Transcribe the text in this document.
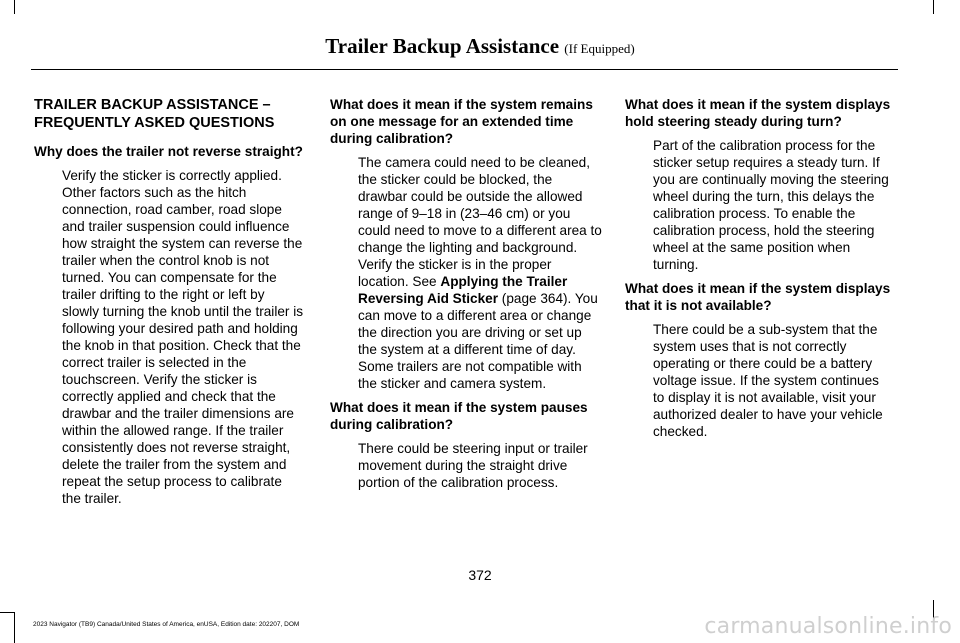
Trailer Backup Assistance (If Equipped)
TRAILER BACKUP ASSISTANCE – FREQUENTLY ASKED QUESTIONS
Why does the trailer not reverse straight?
Verify the sticker is correctly applied. Other factors such as the hitch connection, road camber, road slope and trailer suspension could influence how straight the system can reverse the trailer when the control knob is not turned. You can compensate for the trailer drifting to the right or left by slowly turning the knob until the trailer is following your desired path and holding the knob in that position. Check that the correct trailer is selected in the touchscreen. Verify the sticker is correctly applied and check that the drawbar and the trailer dimensions are within the allowed range. If the trailer consistently does not reverse straight, delete the trailer from the system and repeat the setup process to calibrate the trailer.
What does it mean if the system remains on one message for an extended time during calibration?
The camera could need to be cleaned, the sticker could be blocked, the drawbar could be outside the allowed range of 9–18 in (23–46 cm) or you could need to move to a different area to change the lighting and background. Verify the sticker is in the proper location. See Applying the Trailer Reversing Aid Sticker (page 364). You can move to a different area or change the direction you are driving or set up the system at a different time of day. Some trailers are not compatible with the sticker and camera system.
What does it mean if the system pauses during calibration?
There could be steering input or trailer movement during the straight drive portion of the calibration process.
What does it mean if the system displays hold steering steady during turn?
Part of the calibration process for the sticker setup requires a steady turn. If you are continually moving the steering wheel during the turn, this delays the calibration process. To enable the calibration process, hold the steering wheel at the same position when turning.
What does it mean if the system displays that it is not available?
There could be a sub-system that the system uses that is not correctly operating or there could be a battery voltage issue. If the system continues to display it is not available, visit your authorized dealer to have your vehicle checked.
372
2023 Navigator (TB9) Canada/United States of America, enUSA, Edition date: 202207, DOM	carmanualsonline.info
